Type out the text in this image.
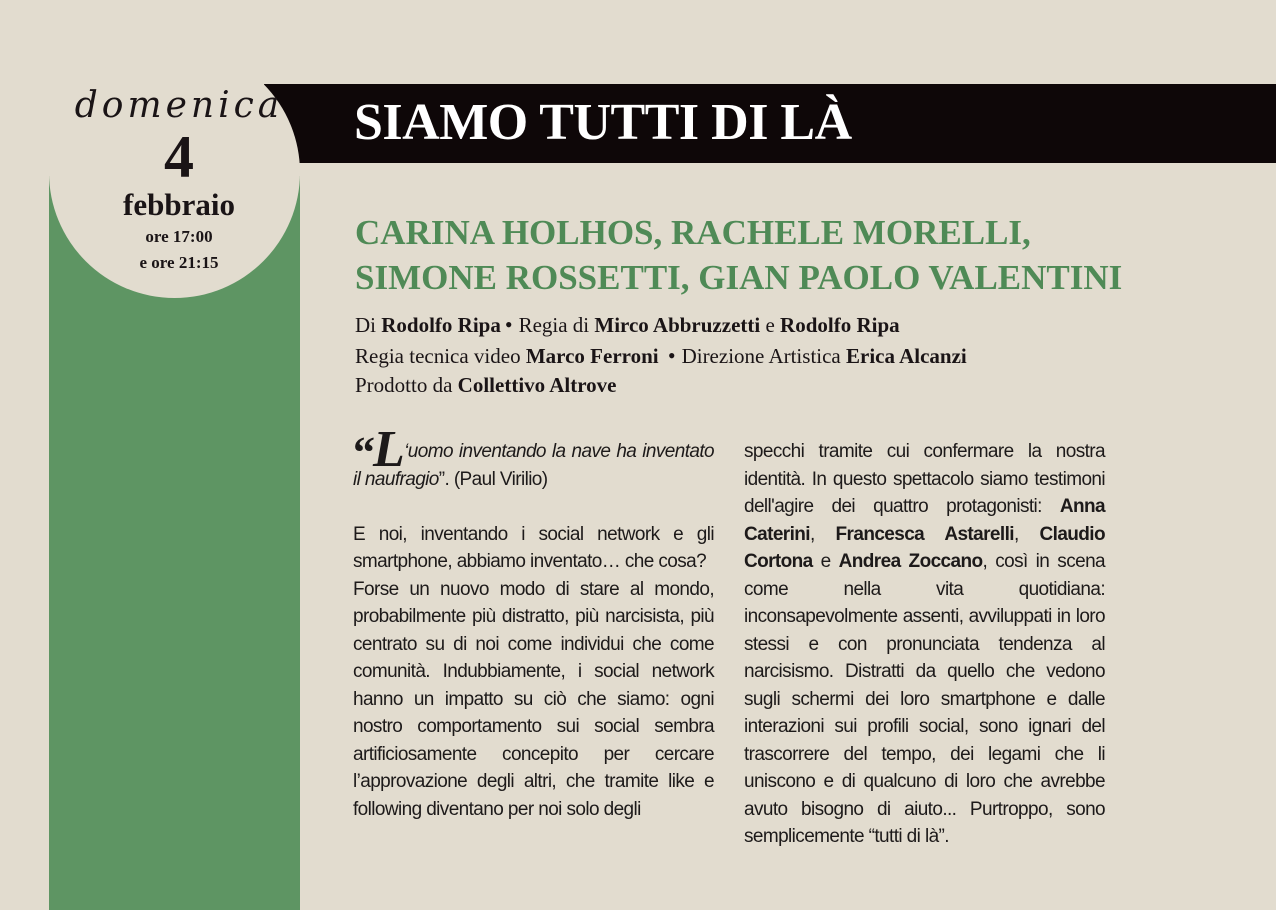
domenica
4
febbraio
ore 17:00
e ore 21:15
SIAMO TUTTI DI LÀ
CARINA HOLHOS, RACHELE MORELLI,
SIMONE ROSSETTI, GIAN PAOLO VALENTINI
Di Rodolfo Ripa • Regia di Mirco Abbruzzetti e Rodolfo Ripa
Regia tecnica video Marco Ferroni • Direzione Artistica Erica Alcanzi
Prodotto da Collettivo Altrove

“L‘uomo inventando la nave ha inventato il naufragio”. (Paul Virilio)

E noi, inventando i social network e gli smartphone, abbiamo inventato… che cosa?

Forse un nuovo modo di stare al mondo, probabilmente più distratto, più narcisista, più centrato su di noi come individui che come comunità. Indubbiamente, i social network hanno un impatto su ciò che siamo: ogni nostro comportamento sui social sembra artificiosamente concepito per cercare l’approvazione degli altri, che tramite like e following diventano per noi solo degli

specchi tramite cui confermare la nostra identità. In questo spettacolo siamo testimoni dell'agire dei quattro protagonisti: Anna Caterini, Francesca Astarelli, Claudio Cortona e Andrea Zoccano, così in scena come nella vita quotidiana: inconsapevolmente assenti, avviluppati in loro stessi e con pronunciata tendenza al narcisismo. Distratti da quello che vedono sugli schermi dei loro smartphone e dalle interazioni sui profili social, sono ignari del trascorrere del tempo, dei legami che li uniscono e di qualcuno di loro che avrebbe avuto bisogno di aiuto... Purtroppo, sono semplicemente “tutti di là”.
